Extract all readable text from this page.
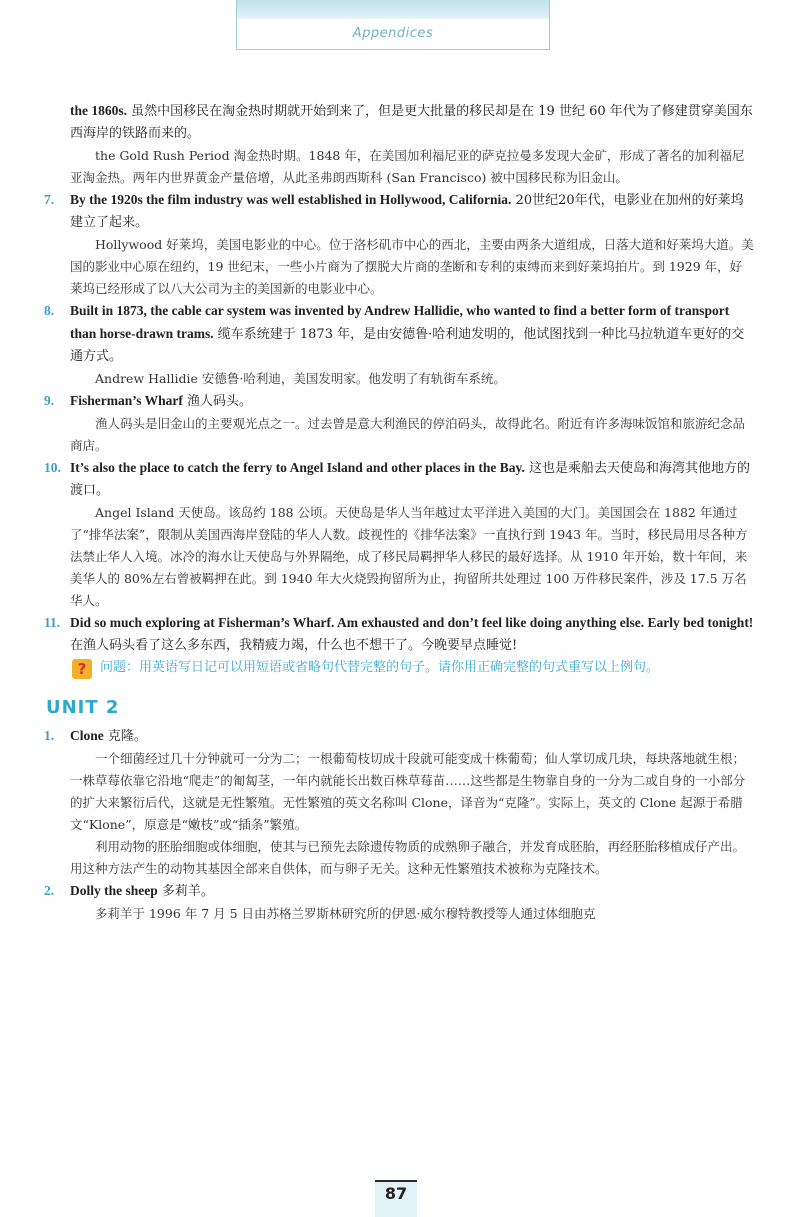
Appendices
the 1860s. 虽然中国移民在淘金热时期就开始到来了，但是更大批量的移民却是在 19 世纪 60 年代为了修建贯穿美国东西海岸的铁路而来的。
the Gold Rush Period 淘金热时期。1848 年，在美国加利福尼亚的萨克拉曼多发现大金矿，形成了著名的加利福尼亚淘金热。两年内世界黄金产量倍增，从此圣弗朗西斯科 (San Francisco) 被中国移民称为旧金山。
7. By the 1920s the film industry was well established in Hollywood, California. 20世纪20年代，电影业在加州的好莱坞建立了起来。
Hollywood 好莱坞，美国电影业的中心。位于洛杉矶市中心的西北，主要由两条大道组成，日落大道和好莱坞大道。美国的影业中心原在纽约，19 世纪末，一些小片商为了摆脱大片商的垄断和专利的束缚而来到好莱坞拍片。到 1929 年，好莱坞已经形成了以八大公司为主的美国新的电影业中心。
8. Built in 1873, the cable car system was invented by Andrew Hallidie, who wanted to find a better form of transport than horse-drawn trams. 缆车系统建于 1873 年，是由安德鲁·哈利迪发明的，他试图找到一种比马拉轨道车更好的交通方式。
Andrew Hallidie 安德鲁·哈利迪，美国发明家。他发明了有轨街车系统。
9. Fisherman’s Wharf 渔人码头。
渔人码头是旧金山的主要观光点之一。过去曾是意大利渔民的停泊码头，故得此名。附近有许多海味饭馆和旅游纪念品商店。
10. It’s also the place to catch the ferry to Angel Island and other places in the Bay. 这也是乘船去天使岛和海湾其他地方的渡口。
Angel Island 天使岛。该岛约 188 公顷。天使岛是华人当年越过太平洋进入美国的大门。美国国会在 1882 年通过了“排华法案”，限制从美国西海岸登陆的华人人数。歧视性的《排华法案》一直执行到 1943 年。当时，移民局用尽各种方法禁止华人入境。冰冷的海水让天使岛与外界隔绝，成了移民局羁押华人移民的最好选择。从 1910 年开始，数十年间，来美华人的 80%左右曾被羁押在此。到 1940 年大火烧毁拘留所为止，拘留所共处理过 100 万件移民案件，涉及 17.5 万名华人。
11. Did so much exploring at Fisherman’s Wharf. Am exhausted and don’t feel like doing anything else. Early bed tonight! 在渔人码头看了这么多东西，我精疲力竭，什么也不想干了。今晚要早点睡觉!
?	问题：用英语写日记可以用短语或省略句代替完整的句子。请你用正确完整的句式重写以上例句。
UNIT 2
1. Clone 克隆。
一个细菌经过几十分钟就可一分为二；一根葡萄枝切成十段就可能变成十株葡萄；仙人掌切成几块，每块落地就生根；一株草莓依靠它沿地“爬走”的匍匐茎，一年内就能长出数百株草莓苗……这些都是生物靠自身的一分为二或自身的一小部分的扩大来繁衍后代，这就是无性繁殖。无性繁殖的英文名称叫 Clone，译音为“克隆”。实际上，英文的 Clone 起源于希腊文“Klone”，原意是“嫩枝”或“插条”繁殖。
利用动物的胚胎细胞或体细胞，使其与已预先去除遗传物质的成熟卵子融合，并发育成胚胎，再经胚胎移植成仔产出。用这种方法产生的动物其基因全部来自供体，而与卵子无关。这种无性繁殖技术被称为克隆技术。
2. Dolly the sheep 多莉羊。
多莉羊于 1996 年 7 月 5 日由苏格兰罗斯林研究所的伊恩·威尔穆特教授等人通过体细胞克
87
